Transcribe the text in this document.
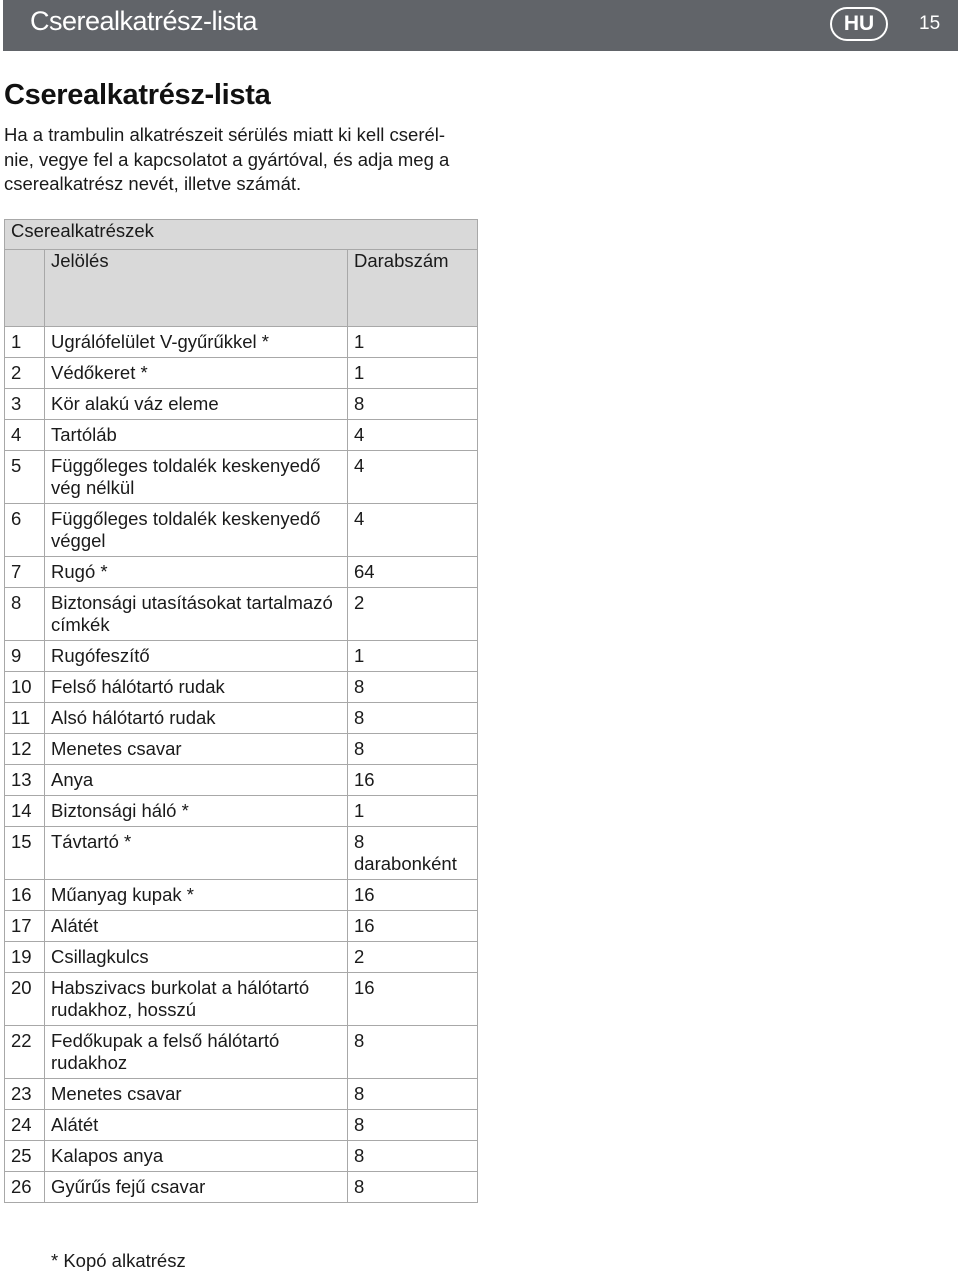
Cserealkatrész-lista	HU	15
Cserealkatrész-lista

Ha a trambulin alkatrészeit sérülés miatt ki kell cserélnie, vegye fel a kapcsolatot a gyártóval, és adja meg a cserealkatrész nevét, illetve számát.

Cserealkatrészek		
	Jelölés	Darabszám
1	Ugrálófelület V-gyűrűkkel *	1
2	Védőkeret *	1
3	Kör alakú váz eleme	8
4	Tartóláb	4
5	Függőleges toldalék keskenyedő vég nélkül	4
6	Függőleges toldalék keskenyedő véggel	4
7	Rugó *	64
8	Biztonsági utasításokat tartalmazó címkék	2
9	Rugófeszítő	1
10	Felső hálótartó rudak	8
11	Alsó hálótartó rudak	8
12	Menetes csavar	8
13	Anya	16
14	Biztonsági háló *	1
15	Távtartó *	8 darabonként
16	Műanyag kupak *	16
17	Alátét	16
19	Csillagkulcs	2
20	Habszivacs burkolat a hálótartó rudakhoz, hosszú	16
22	Fedőkupak a felső hálótartó rudakhoz	8
23	Menetes csavar	8
24	Alátét	8
25	Kalapos anya	8
26	Gyűrűs fejű csavar	8
* Kopó alkatrész
